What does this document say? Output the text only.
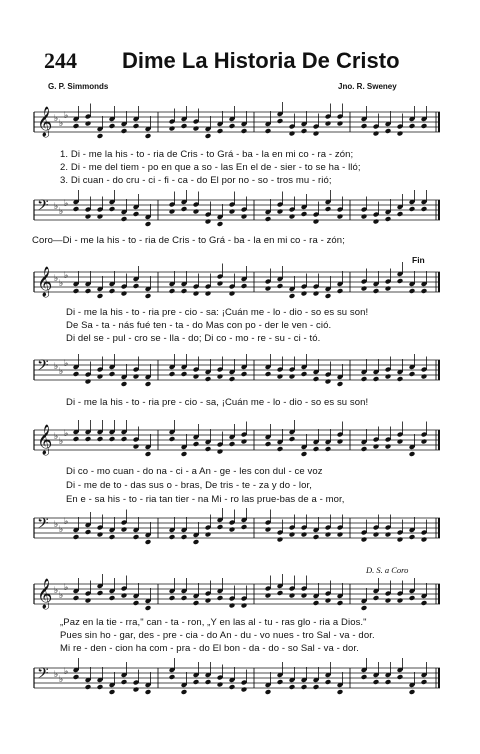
244 Dime La Historia De Cristo
G. P. Simmonds	Jno. R. Sweney
𝄞 ♭ ♭
♭
1. Di - me la his - to - ria de Cris - to Grá - ba - la en mi co - ra - zón;
2. Di - me del tiem - po en que a so - las En el de - sier - to se ha - lló;
3. Di cuan - do cru - ci - fi - ca - do El por no - so - tros mu - rió;
𝄢 ♭ ♭
♭
Coro—Di - me la his - to - ria de Cris - to Grá - ba - la en mi co - ra - zón;
Fin
𝄞 ♭ ♭
♭
Di - me la his - to - ria pre - cio - sa: ¡Cuán me - lo - dio - so es su son!
De Sa - ta - nás fué ten - ta - do Mas con po - der le ven - ció.
Di del se - pul - cro se - lla - do; Di co - mo - re - su - ci - tó.
𝄢 ♭ ♭
♭
Di - me la his - to - ria pre - cio - sa, ¡Cuán me - lo - dio - so es su son!
𝄞 ♭ ♭
♭
Di co - mo cuan - do na - ci - a An - ge - les con dul - ce voz
Di - me de to - das sus o - bras, De tris - te - za y do - lor,
En e - sa his - to - ria tan tier - na Mi - ro las prue-bas de a - mor,
𝄢 ♭ ♭
♭
D. S. a Coro
𝄞 ♭ ♭
♭
„Paz en la tie - rra," can - ta - ron, „Y en las al - tu - ras glo - ria a Dios."
Pues sin ho - gar, des - pre - cia - do An - du - vo nues - tro Sal - va - dor.
Mi re - den - cion ha com - pra - do El bon - da - do - so Sal - va - dor.
𝄢 ♭ ♭
♭
